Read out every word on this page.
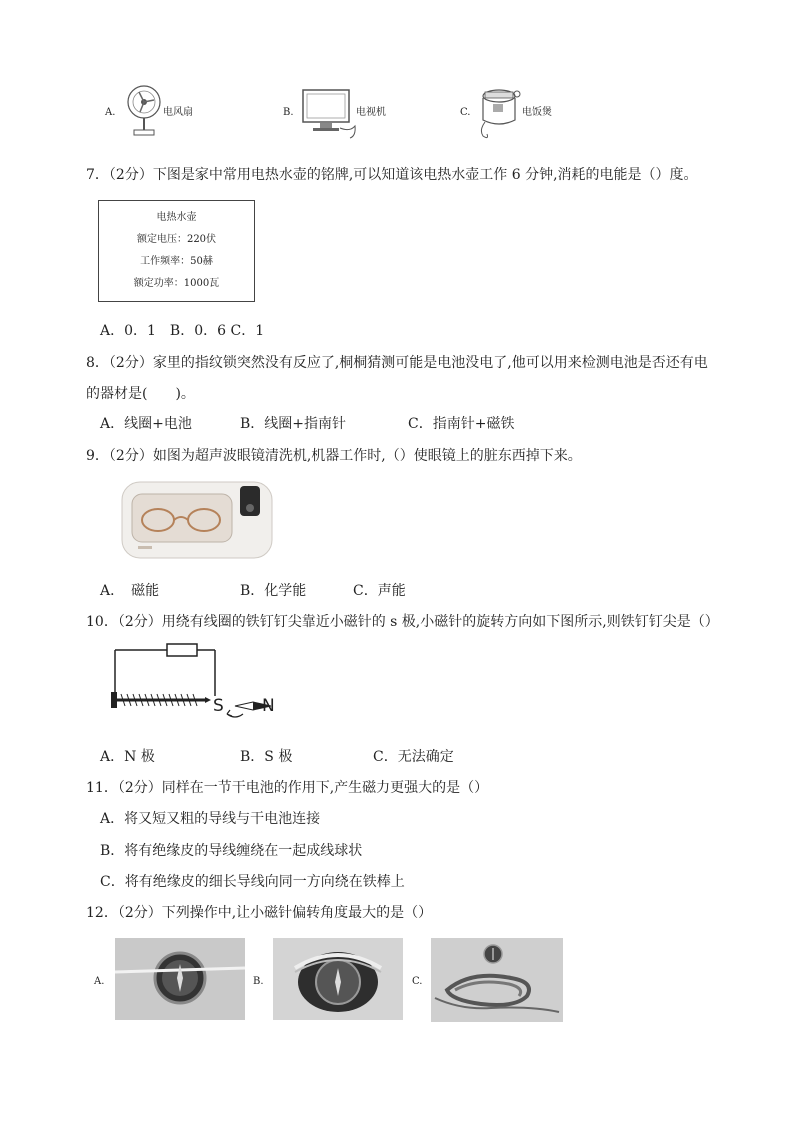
A.	电风扇	B.	电视机	C.	电饭煲
7．（2分）下图是家中常用电热水壶的铭牌,可以知道该电热水壶工作 6 分钟,消耗的电能是（）度。
电热水壶
额定电压：220伏
工作频率：50赫
额定功率：1000瓦
A．0．1　B．0．6 C．1
8．（2分）家里的指纹锁突然没有反应了,桐桐猜测可能是电池没电了,他可以用来检测电池是否还有电
的器材是(　　)。
A．线圈+电池	B．线圈+指南针	C．指南针+磁铁
9．（2分）如图为超声波眼镜清洗机,机器工作时,（）使眼镜上的脏东西掉下来。
A．　磁能	B．化学能	C．声能
10．（2分）用绕有线圈的铁钉钉尖靠近小磁针的 s 极,小磁针的旋转方向如下图所示,则铁钉钉尖是（）
S N
A．N 极	B．S 极	C．无法确定
11．（2分）同样在一节干电池的作用下,产生磁力更强大的是（）
A．将又短又粗的导线与干电池连接
B．将有绝缘皮的导线缠绕在一起成线球状
C．将有绝缘皮的细长导线向同一方向绕在铁棒上
12．（2分）下列操作中,让小磁针偏转角度最大的是（）
A.	B.	C.
